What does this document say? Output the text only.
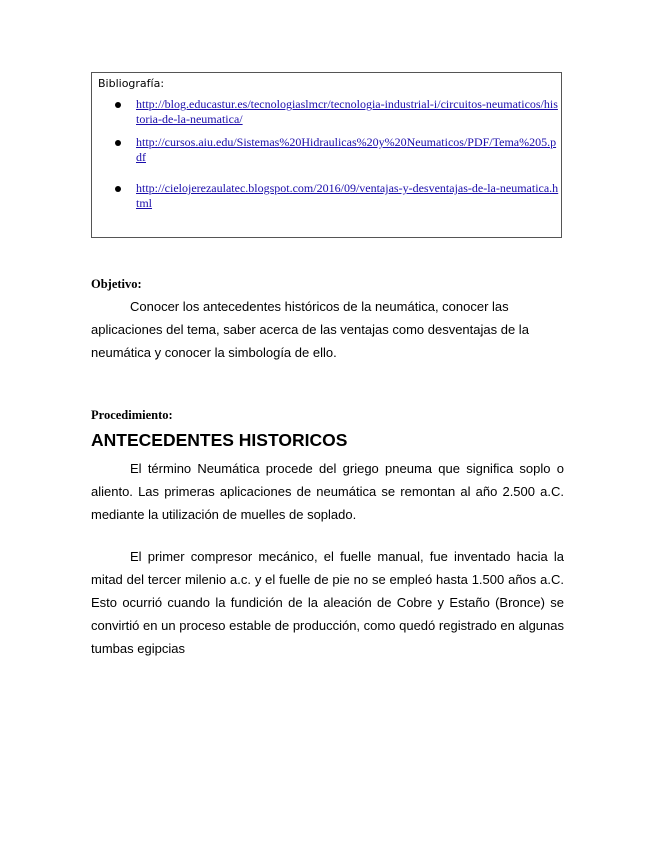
Bibliografía:
http://blog.educastur.es/tecnologiaslmcr/tecnologia-industrial-i/circuitos-neumaticos/historia-de-la-neumatica/
http://cursos.aiu.edu/Sistemas%20Hidraulicas%20y%20Neumaticos/PDF/Tema%205.pdf
http://cielojerezaulatec.blogspot.com/2016/09/ventajas-y-desventajas-de-la-neumatica.html
Objetivo:

Conocer los antecedentes históricos de la neumática, conocer las aplicaciones del tema, saber acerca de las ventajas como desventajas de la neumática y conocer la simbología de ello.

Procedimiento:
ANTECEDENTES HISTORICOS

El término Neumática procede del griego pneuma que significa soplo o aliento. Las primeras aplicaciones de neumática se remontan al año 2.500 a.C. mediante la utilización de muelles de soplado.

El primer compresor mecánico, el fuelle manual, fue inventado hacia la mitad del tercer milenio a.c. y el fuelle de pie no se empleó hasta 1.500 años a.C. Esto ocurrió cuando la fundición de la aleación de Cobre y Estaño (Bronce) se convirtió en un proceso estable de producción, como quedó registrado en algunas tumbas egipcias
